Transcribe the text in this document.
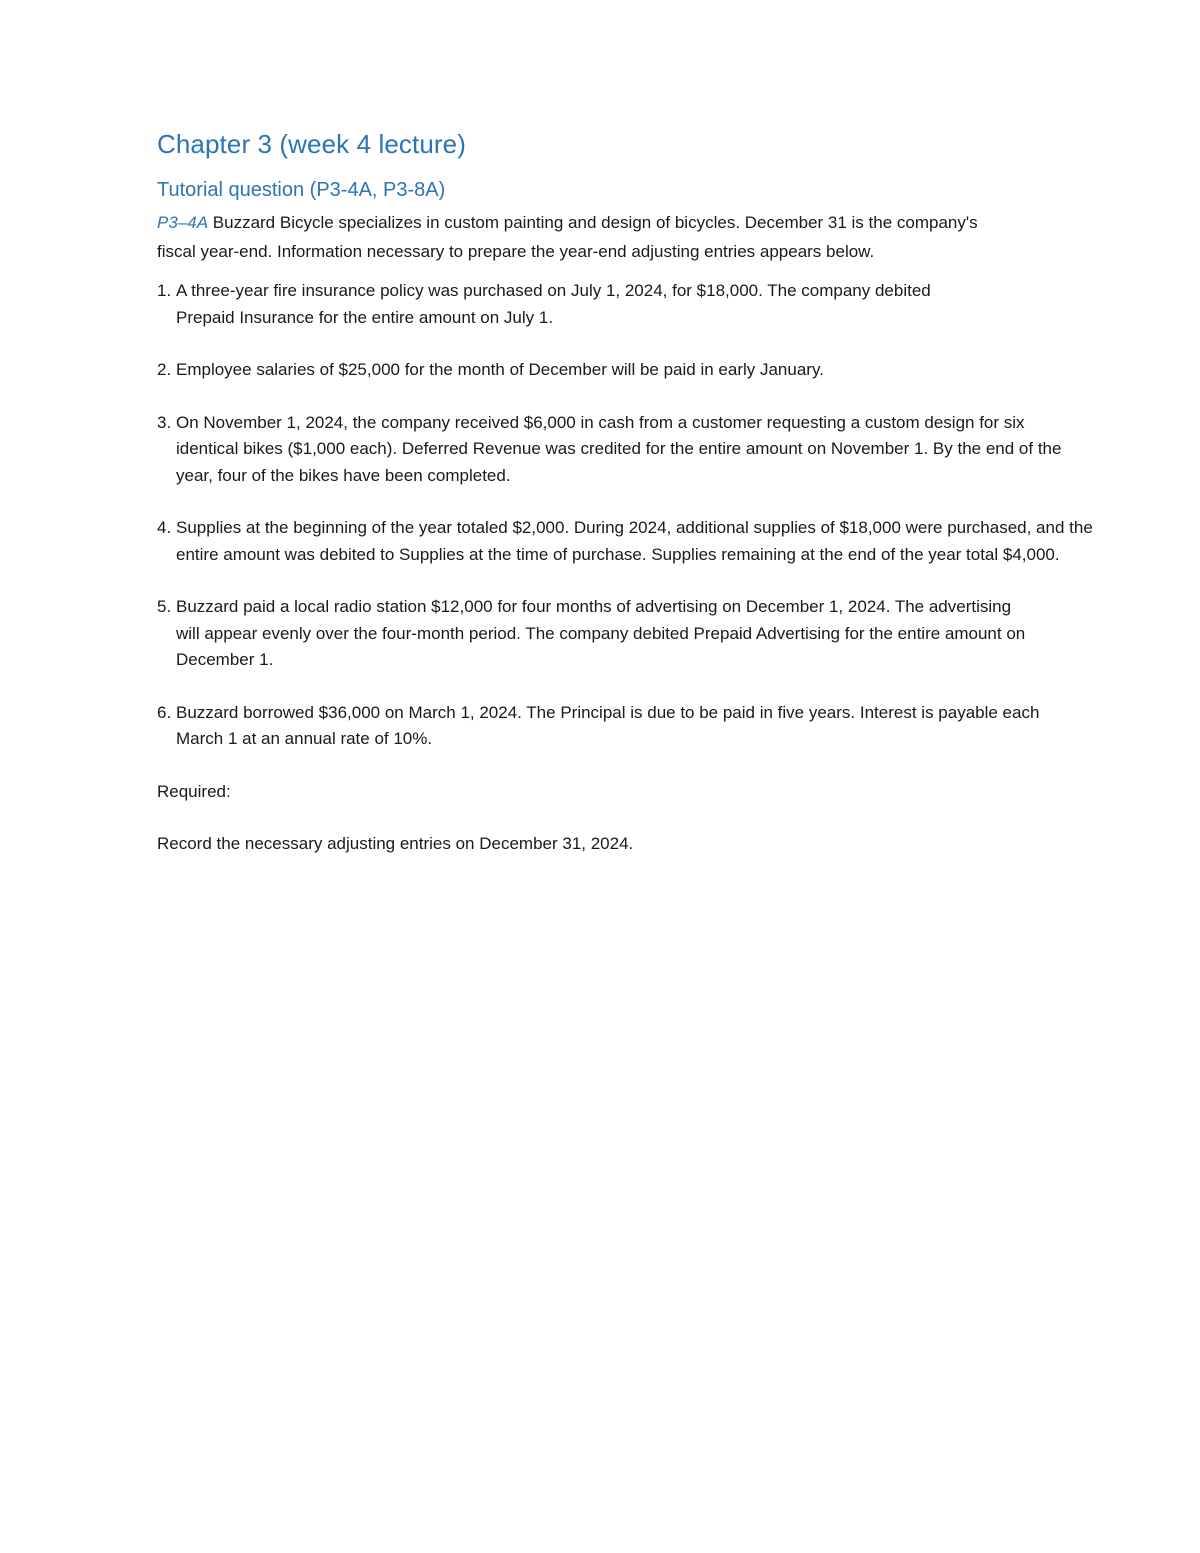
Chapter 3 (week 4 lecture)
Tutorial question (P3-4A, P3-8A)

P3–4A Buzzard Bicycle specializes in custom painting and design of bicycles. December 31 is the company's fiscal year-end. Information necessary to prepare the year-end adjusting entries appears below.

1. A three-year fire insurance policy was purchased on July 1, 2024, for $18,000. The company debited Prepaid Insurance for the entire amount on July 1.
2. Employee salaries of $25,000 for the month of December will be paid in early January.
3. On November 1, 2024, the company received $6,000 in cash from a customer requesting a custom design for six identical bikes ($1,000 each). Deferred Revenue was credited for the entire amount on November 1. By the end of the year, four of the bikes have been completed.
4. Supplies at the beginning of the year totaled $2,000. During 2024, additional supplies of $18,000 were purchased, and the entire amount was debited to Supplies at the time of purchase. Supplies remaining at the end of the year total $4,000.
5. Buzzard paid a local radio station $12,000 for four months of advertising on December 1, 2024. The advertising will appear evenly over the four-month period. The company debited Prepaid Advertising for the entire amount on December 1.
6. Buzzard borrowed $36,000 on March 1, 2024. The Principal is due to be paid in five years. Interest is payable each March 1 at an annual rate of 10%.

Required:

Record the necessary adjusting entries on December 31, 2024.
